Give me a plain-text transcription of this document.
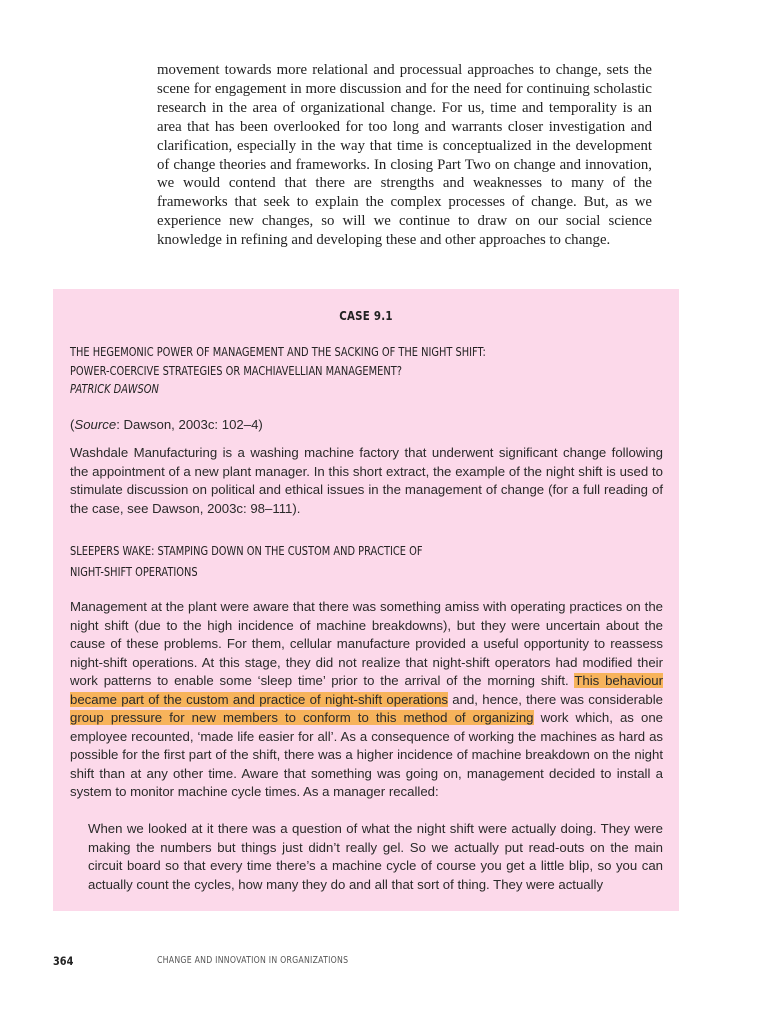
movement towards more relational and processual approaches to change, sets the scene for engagement in more discussion and for the need for continuing scholastic research in the area of organizational change. For us, time and temporality is an area that has been overlooked for too long and warrants closer investigation and clarification, especially in the way that time is conceptualized in the development of change theories and frameworks. In closing Part Two on change and innovation, we would contend that there are strengths and weaknesses to many of the frameworks that seek to explain the complex processes of change. But, as we experience new changes, so will we continue to draw on our social science knowledge in refining and developing these and other approaches to change.

CASE 9.1
THE HEGEMONIC POWER OF MANAGEMENT AND THE SACKING OF THE NIGHT SHIFT:
POWER-COERCIVE STRATEGIES OR MACHIAVELLIAN MANAGEMENT?
PATRICK DAWSON

(Source: Dawson, 2003c: 102–4)

Washdale Manufacturing is a washing machine factory that underwent significant change following the appointment of a new plant manager. In this short extract, the example of the night shift is used to stimulate discussion on political and ethical issues in the management of change (for a full reading of the case, see Dawson, 2003c: 98–111).

SLEEPERS WAKE: STAMPING DOWN ON THE CUSTOM AND PRACTICE OF
NIGHT-SHIFT OPERATIONS

Management at the plant were aware that there was something amiss with operating practices on the night shift (due to the high incidence of machine breakdowns), but they were uncertain about the cause of these problems. For them, cellular manufacture provided a useful opportunity to reassess night-shift operations. At this stage, they did not realize that night-shift operators had modified their work patterns to enable some ‘sleep time’ prior to the arrival of the morning shift. This behaviour became part of the custom and practice of night-shift operations and, hence, there was considerable group pressure for new members to conform to this method of organizing work which, as one employee recounted, ‘made life easier for all’. As a consequence of working the machines as hard as possible for the first part of the shift, there was a higher incidence of machine breakdown on the night shift than at any other time. Aware that something was going on, management decided to install a system to monitor machine cycle times. As a manager recalled:

When we looked at it there was a question of what the night shift were actually doing. They were making the numbers but things just didn’t really gel. So we actually put read-outs on the main circuit board so that every time there’s a machine cycle of course you get a little blip, so you can actually count the cycles, how many they do and all that sort of thing. They were actually

364	CHANGE AND INNOVATION IN ORGANIZATIONS
